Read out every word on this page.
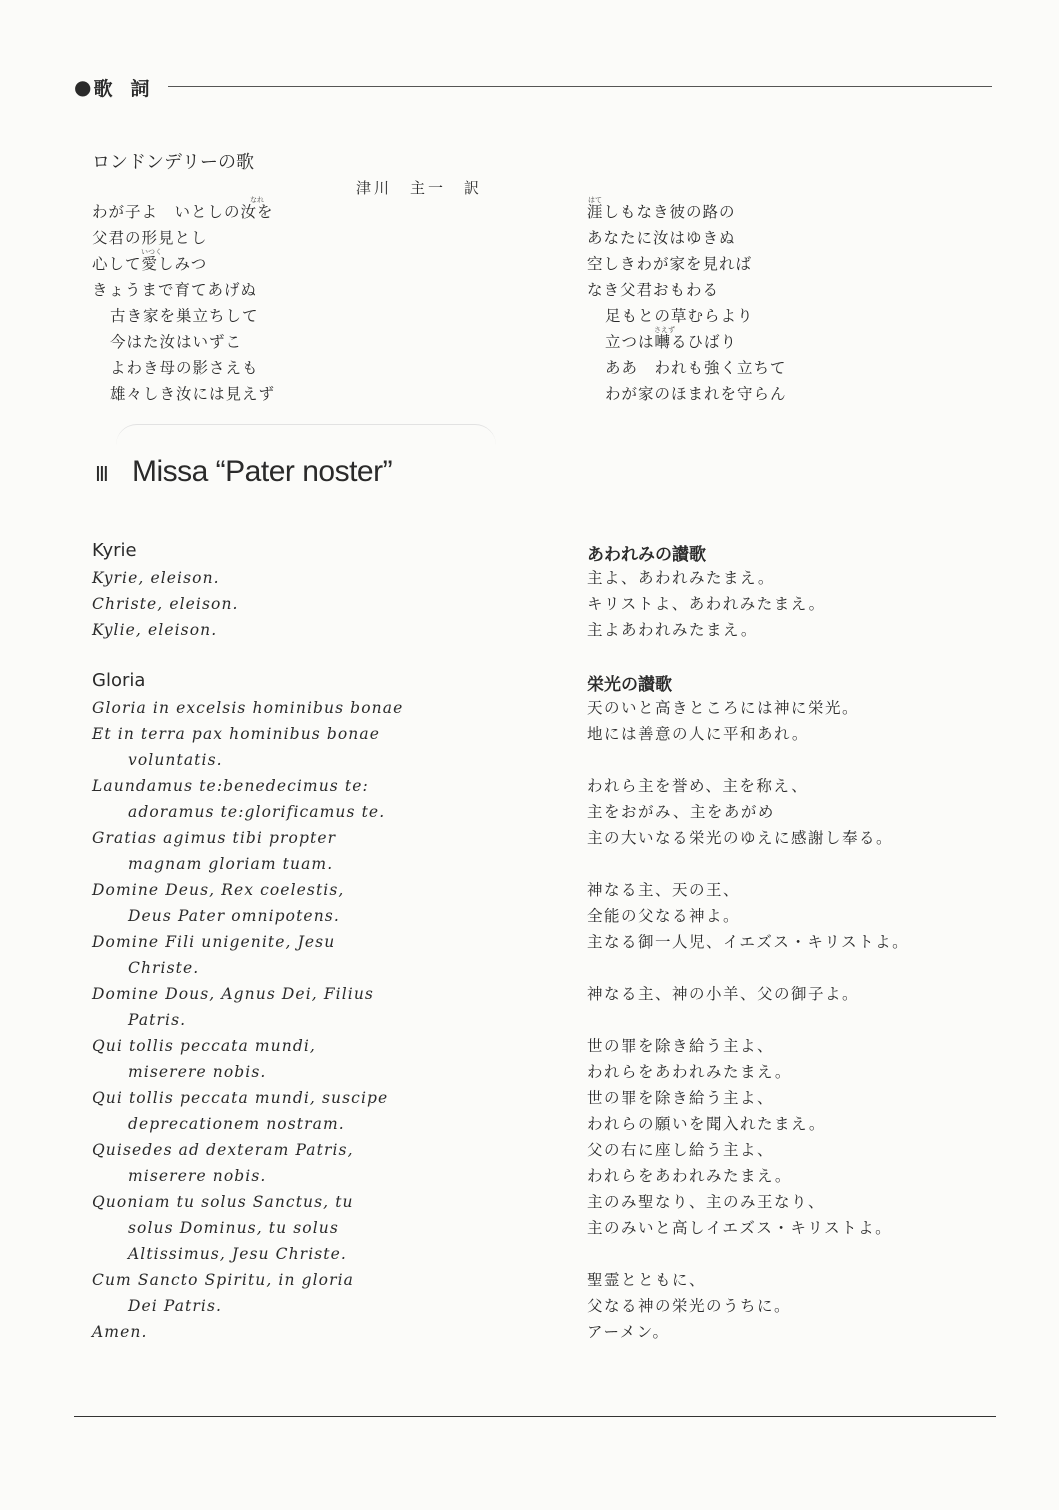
● 歌詞
ロンドンデリーの歌
津川　主一　訳
わが子よ　いとしの汝を
父君の形見とし
心して愛しみつ
きょうまで育てあげぬ
古き家を巣立ちして
今はた汝はいずこ
よわき母の影さえも
雄々しき汝には見えず
涯しもなき彼の路の
あなたに汝はゆきぬ
空しきわが家を見れば
なき父君おもわる
足もとの草むらより
立つは囀るひばり
ああ　われも強く立ちて
わが家のほまれを守らん
なれ
いつく
はて
さえず
Ⅲ Missa “Pater noster”
Kyrie	あわれみの讃歌
Kyrie, eleison.
Christe, eleison.
Kylie, eleison.
主よ、あわれみたまえ。
キリストよ、あわれみたまえ。
主よあわれみたまえ。
Gloria	栄光の讃歌
Gloria in excelsis hominibus bonae
Et in terra pax hominibus bonae
voluntatis.
Laundamus te:benedecimus te:
adoramus te:glorificamus te.
Gratias agimus tibi propter
magnam gloriam tuam.
Domine Deus, Rex coelestis,
Deus Pater omnipotens.
Domine Fili unigenite, Jesu
Christe.
Domine Dous, Agnus Dei, Filius
Patris.
Qui tollis peccata mundi,
miserere nobis.
Qui tollis peccata mundi, suscipe
deprecationem nostram.
Quisedes ad dexteram Patris,
miserere nobis.
Quoniam tu solus Sanctus, tu
solus Dominus, tu solus
Altissimus, Jesu Christe.
Cum Sancto Spiritu, in gloria
Dei Patris.
Amen.
天のいと高きところには神に栄光。
地には善意の人に平和あれ。
われら主を誉め、主を称え、
主をおがみ、主をあがめ
主の大いなる栄光のゆえに感謝し奉る。
神なる主、天の王、
全能の父なる神よ。
主なる御一人児、イエズス・キリストよ。
神なる主、神の小羊、父の御子よ。
世の罪を除き給う主よ、
われらをあわれみたまえ。
世の罪を除き給う主よ、
われらの願いを聞入れたまえ。
父の右に座し給う主よ、
われらをあわれみたまえ。
主のみ聖なり、主のみ王なり、
主のみいと高しイエズス・キリストよ。
聖霊とともに、
父なる神の栄光のうちに。
アーメン。
